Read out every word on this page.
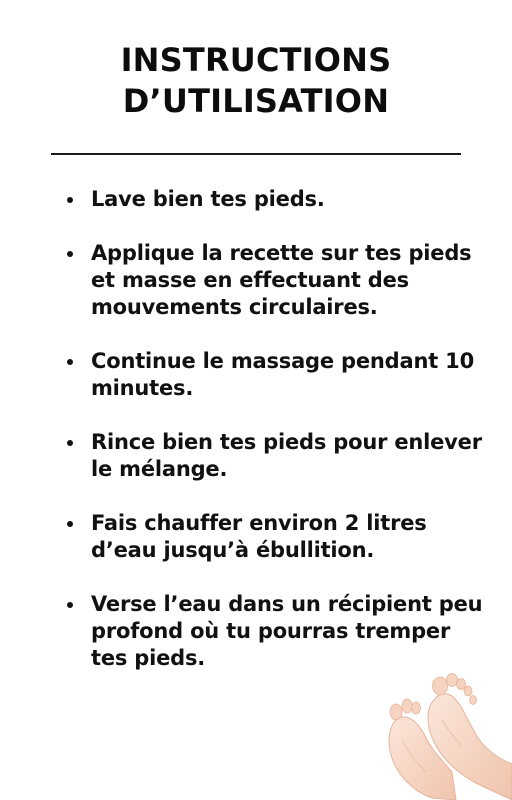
INSTRUCTIONS
D’UTILISATION
Lave bien tes pieds.
Applique la recette sur tes pieds et masse en effectuant des mouvements circulaires.
Continue le massage pendant 10 minutes.
Rince bien tes pieds pour enlever le mélange.
Fais chauffer environ 2 litres d’eau jusqu’à ébullition.
Verse l’eau dans un récipient peu profond où tu pourras tremper tes pieds.
